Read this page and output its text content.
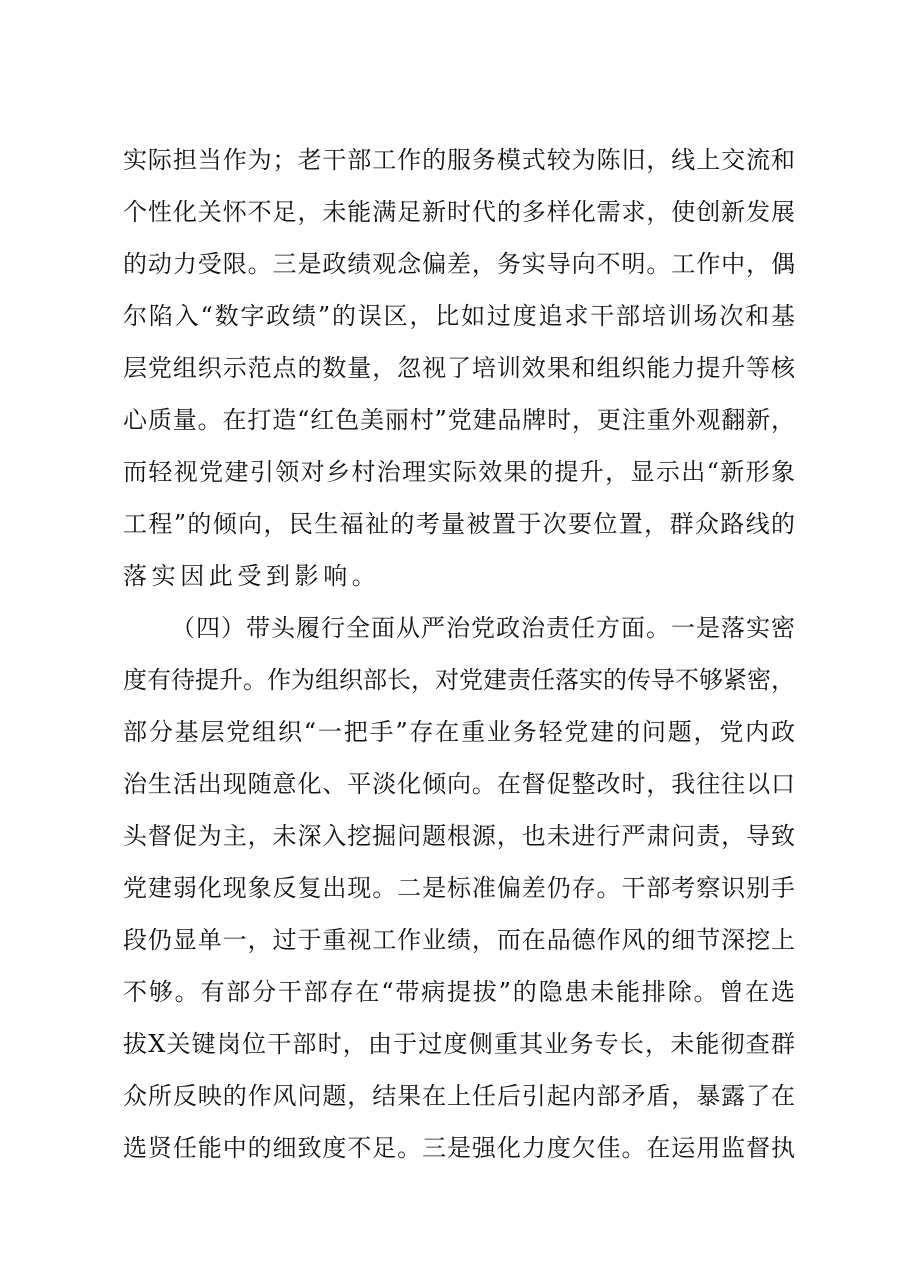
实际担当作为；老干部工作的服务模式较为陈旧，线上交流和
个性化关怀不足，未能满足新时代的多样化需求，使创新发展
的动力受限。三是政绩观念偏差，务实导向不明。工作中，偶
尔陷入“数字政绩”的误区，比如过度追求干部培训场次和基
层党组织示范点的数量，忽视了培训效果和组织能力提升等核
心质量。在打造“红色美丽村”党建品牌时，更注重外观翻新，
而轻视党建引领对乡村治理实际效果的提升，显示出“新形象
工程”的倾向，民生福祉的考量被置于次要位置，群众路线的
落实因此受到影响。
（四）带头履行全面从严治党政治责任方面。一是落实密
度有待提升。作为组织部长，对党建责任落实的传导不够紧密，
部分基层党组织“一把手”存在重业务轻党建的问题，党内政
治生活出现随意化、平淡化倾向。在督促整改时，我往往以口
头督促为主，未深入挖掘问题根源，也未进行严肃问责，导致
党建弱化现象反复出现。二是标准偏差仍存。干部考察识别手
段仍显单一，过于重视工作业绩，而在品德作风的细节深挖上
不够。有部分干部存在“带病提拔”的隐患未能排除。曾在选
拔X关键岗位干部时，由于过度侧重其业务专长，未能彻查群
众所反映的作风问题，结果在上任后引起内部矛盾，暴露了在
选贤任能中的细致度不足。三是强化力度欠佳。在运用监督执
